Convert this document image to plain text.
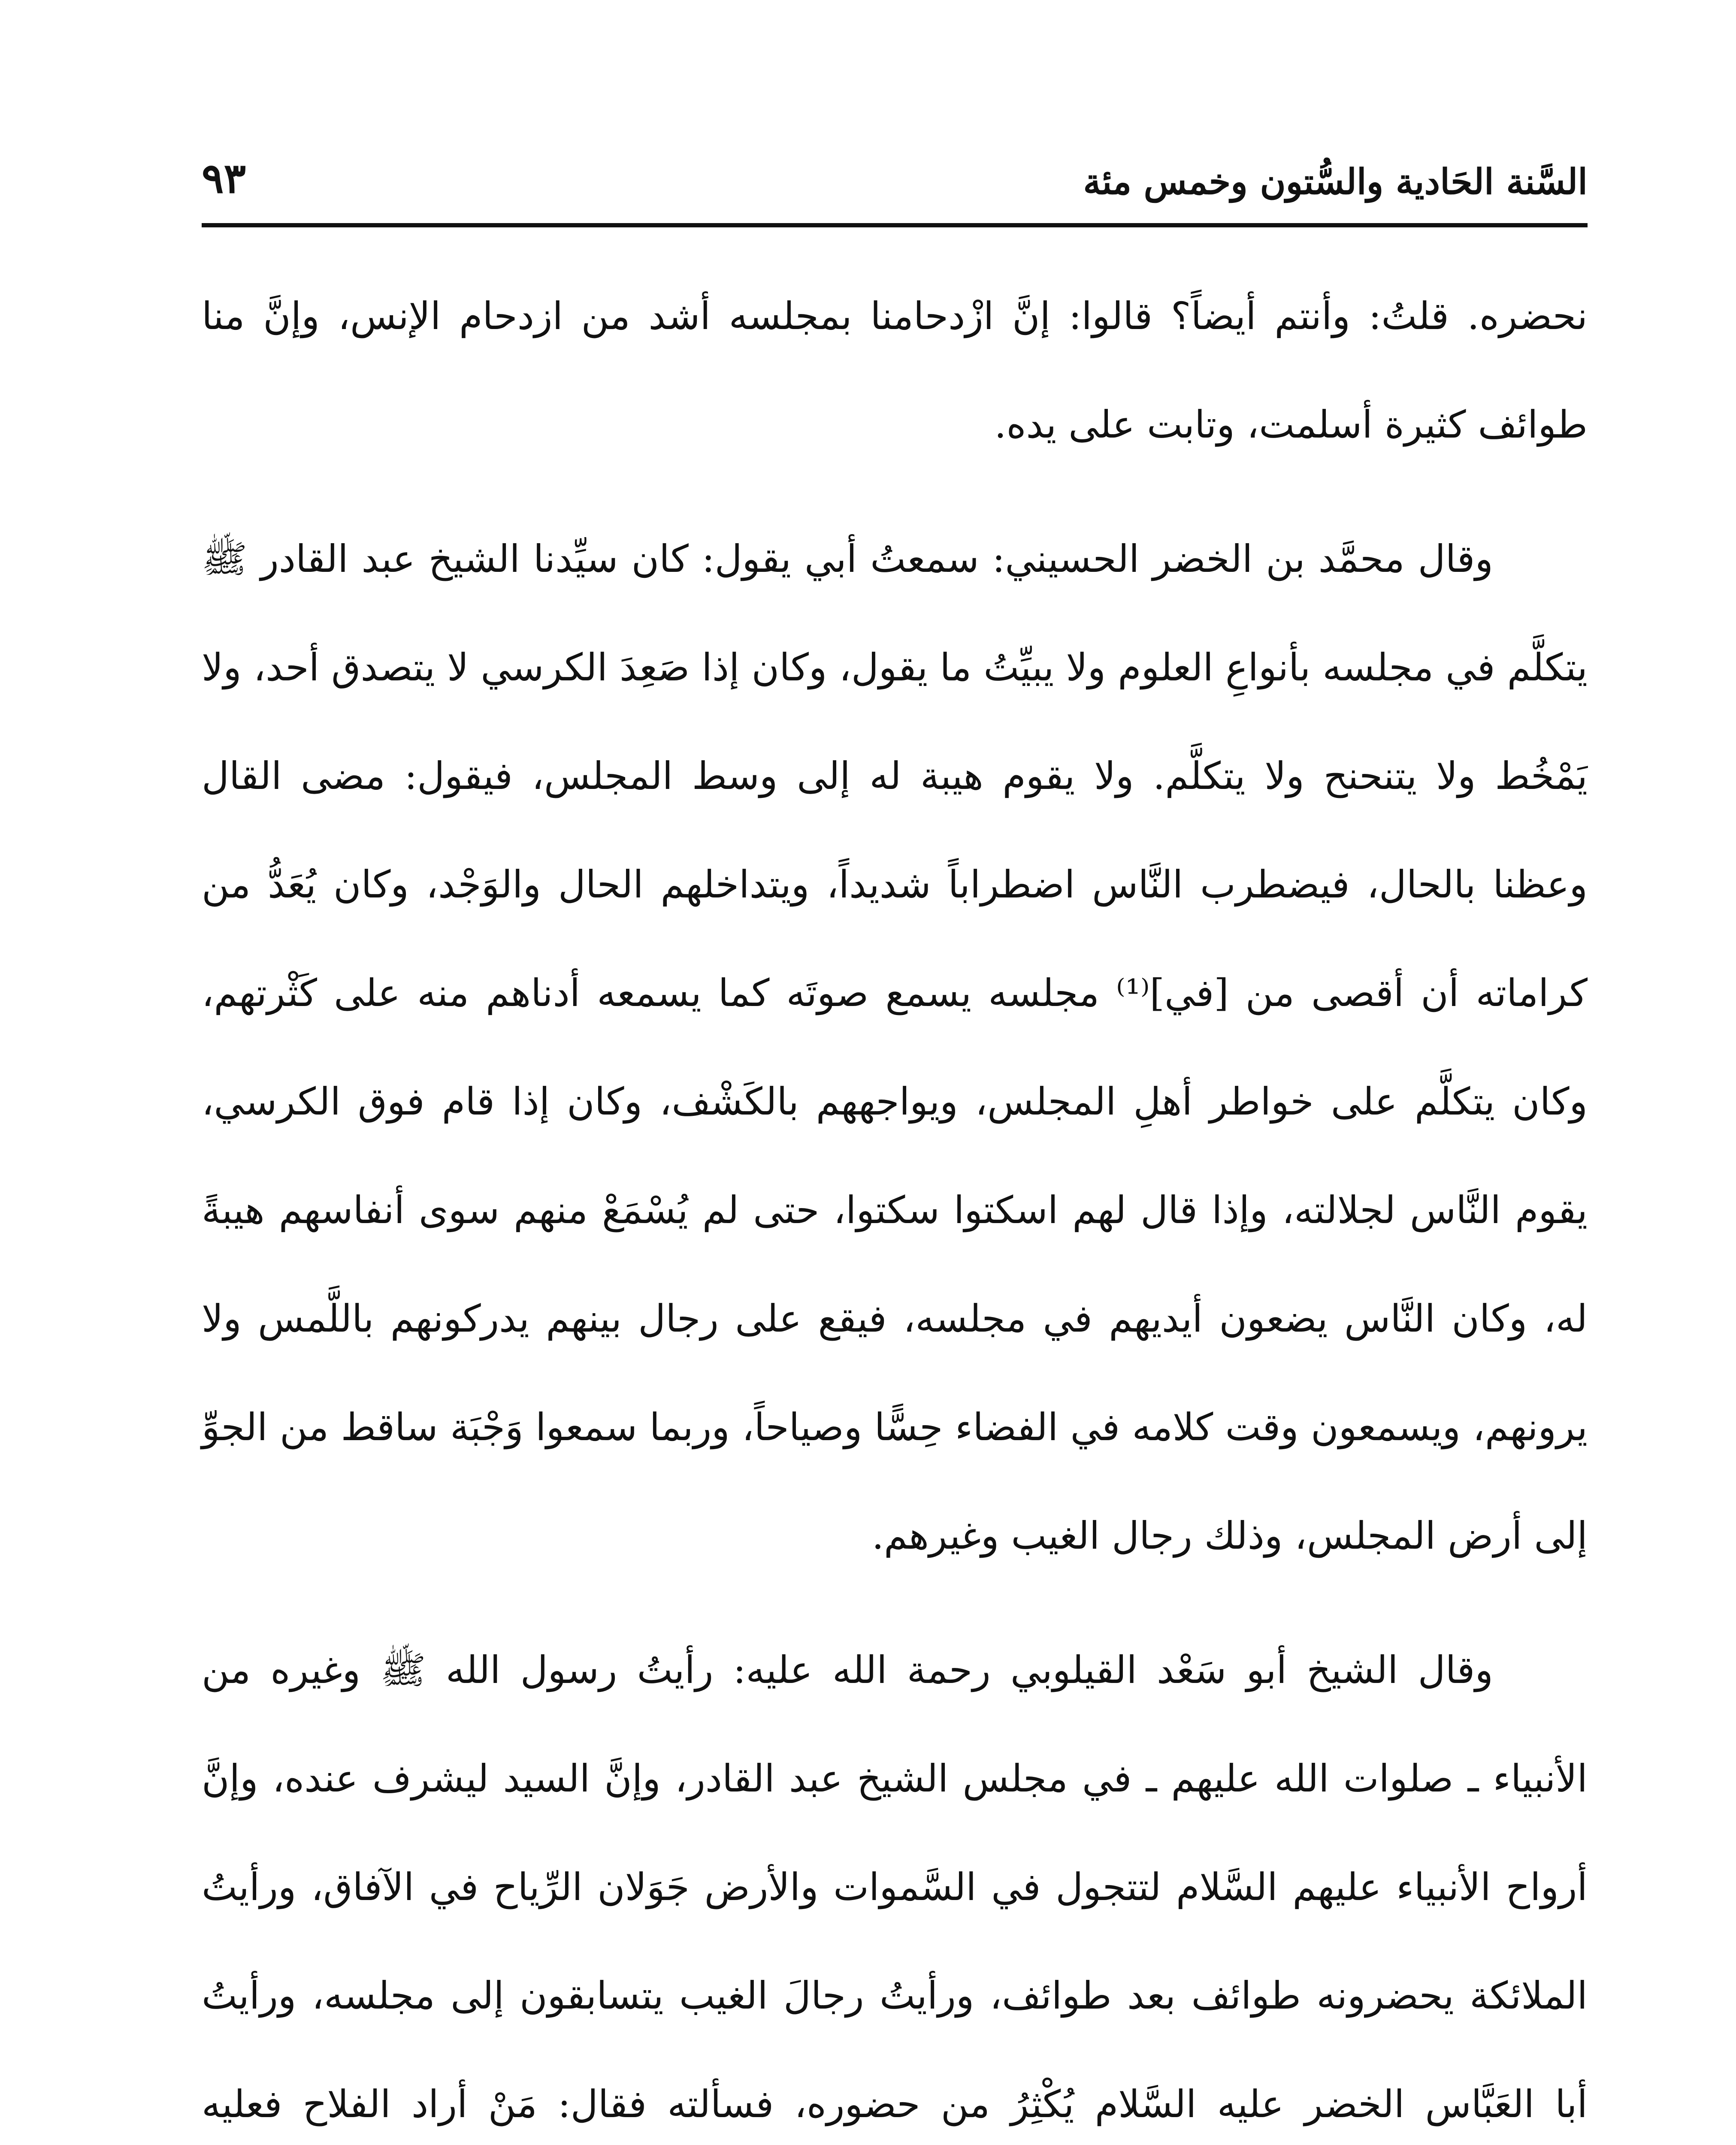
السَّنة الحَادية والسُّتون وخمس مئة
٩٣

نحضره. قلتُ: وأنتم أيضاً؟ قالوا: إنَّ ازْدحامنا بمجلسه أشد من ازدحام الإنس، وإنَّ منا طوائف كثيرة أسلمت، وتابت على يده.

وقال محمَّد بن الخضر الحسيني: سمعتُ أبي يقول: كان سيِّدنا الشيخ عبد القادر ﷺ يتكلَّم في مجلسه بأنواعِ العلوم ولا يبيِّتُ ما يقول، وكان إذا صَعِدَ الكرسي لا يتصدق أحد، ولا يَمْخُط ولا يتنحنح ولا يتكلَّم. ولا يقوم هيبة له إلى وسط المجلس، فيقول: مضى القال وعظنا بالحال، فيضطرب النَّاس اضطراباً شديداً، ويتداخلهم الحال والوَجْد، وكان يُعَدُّ من كراماته أن أقصى من [في]⁽¹⁾ مجلسه يسمع صوتَه كما يسمعه أدناهم منه على كَثْرتهم، وكان يتكلَّم على خواطر أهلِ المجلس، ويواجههم بالكَشْف، وكان إذا قام فوق الكرسي، يقوم النَّاس لجلالته، وإذا قال لهم اسكتوا سكتوا، حتى لم يُسْمَعْ منهم سوى أنفاسهم هيبةً له، وكان النَّاس يضعون أيديهم في مجلسه، فيقع على رجال بينهم يدركونهم باللَّمس ولا يرونهم، ويسمعون وقت كلامه في الفضاء حِسًّا وصياحاً، وربما سمعوا وَجْبَة ساقط من الجوِّ إلى أرض المجلس، وذلك رجال الغيب وغيرهم.

وقال الشيخ أبو سَعْد القيلوبي رحمة الله عليه: رأيتُ رسول الله ﷺ وغيره من الأنبياء ـ صلوات الله عليهم ـ في مجلس الشيخ عبد القادر، وإنَّ السيد ليشرف عنده، وإنَّ أرواح الأنبياء عليهم السَّلام لتتجول في السَّموات والأرض جَوَلان الرِّياح في الآفاق، ورأيتُ الملائكة يحضرونه طوائف بعد طوائف، ورأيتُ رجالَ الغيب يتسابقون إلى مجلسه، ورأيتُ أبا العَبَّاس الخضر عليه السَّلام يُكْثِرُ من حضوره، فسألته فقال: مَنْ أراد الفلاح فعليه
